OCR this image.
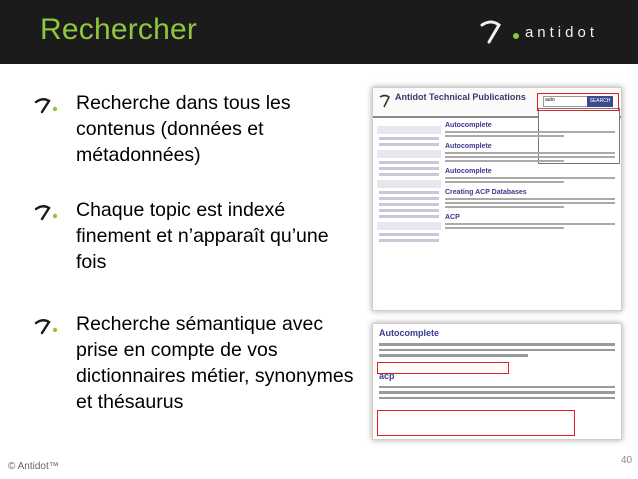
Rechercher	antidot
Recherche dans tous les contenus (données et métadonnées)
Chaque topic est indexé finement et n’apparaît qu’une fois
Recherche sémantique avec prise en compte de vos dictionnaires métier, synonymes et thésaurus
Antidot Technical Publications	auto	SEARCH

Autocomplete
Autocomplete
Autocomplete
Creating ACP Databases
ACP
Autocomplete

acp

© Antidot™
40
